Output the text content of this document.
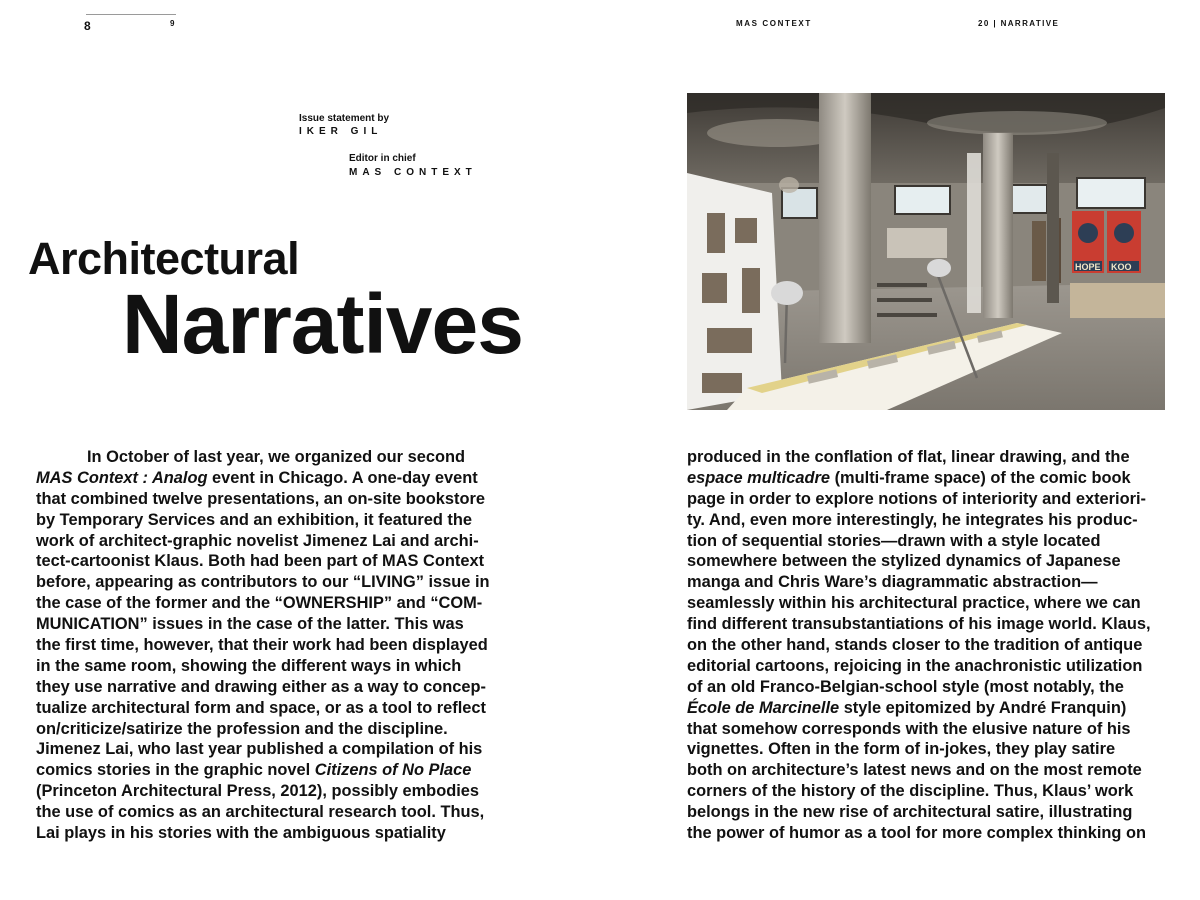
8	9	MAS CONTEXT	20 | NARRATIVE
Issue statement by
IKER GIL
Editor in chief
MAS CONTEXT
Architectural
Narratives
In October of last year, we organized our second
MAS Context : Analog event in Chicago. A one-day event
that combined twelve presentations, an on-site bookstore
by Temporary Services and an exhibition, it featured the
work of architect-graphic novelist Jimenez Lai and archi-
tect-cartoonist Klaus. Both had been part of MAS Context
before, appearing as contributors to our “LIVING” issue in
the case of the former and the “OWNERSHIP” and “COM-
MUNICATION” issues in the case of the latter. This was
the first time, however, that their work had been displayed
in the same room, showing the different ways in which
they use narrative and drawing either as a way to concep-
tualize architectural form and space, or as a tool to reflect
on/criticize/satirize the profession and the discipline.
Jimenez Lai, who last year published a compilation of his
comics stories in the graphic novel Citizens of No Place
(Princeton Architectural Press, 2012), possibly embodies
the use of comics as an architectural research tool. Thus,
Lai plays in his stories with the ambiguous spatiality
produced in the conflation of flat, linear drawing, and the
espace multicadre (multi-frame space) of the comic book
page in order to explore notions of interiority and exteriori-
ty. And, even more interestingly, he integrates his produc-
tion of sequential stories—drawn with a style located
somewhere between the stylized dynamics of Japanese
manga and Chris Ware’s diagrammatic abstraction—
seamlessly within his architectural practice, where we can
find different transubstantiations of his image world. Klaus,
on the other hand, stands closer to the tradition of antique
editorial cartoons, rejoicing in the anachronistic utilization
of an old Franco-Belgian-school style (most notably, the
École de Marcinelle style epitomized by André Franquin)
that somehow corresponds with the elusive nature of his
vignettes. Often in the form of in-jokes, they play satire
both on architecture’s latest news and on the most remote
corners of the history of the discipline. Thus, Klaus’ work
belongs in the new rise of architectural satire, illustrating
the power of humor as a tool for more complex thinking on
HOPE KOO
